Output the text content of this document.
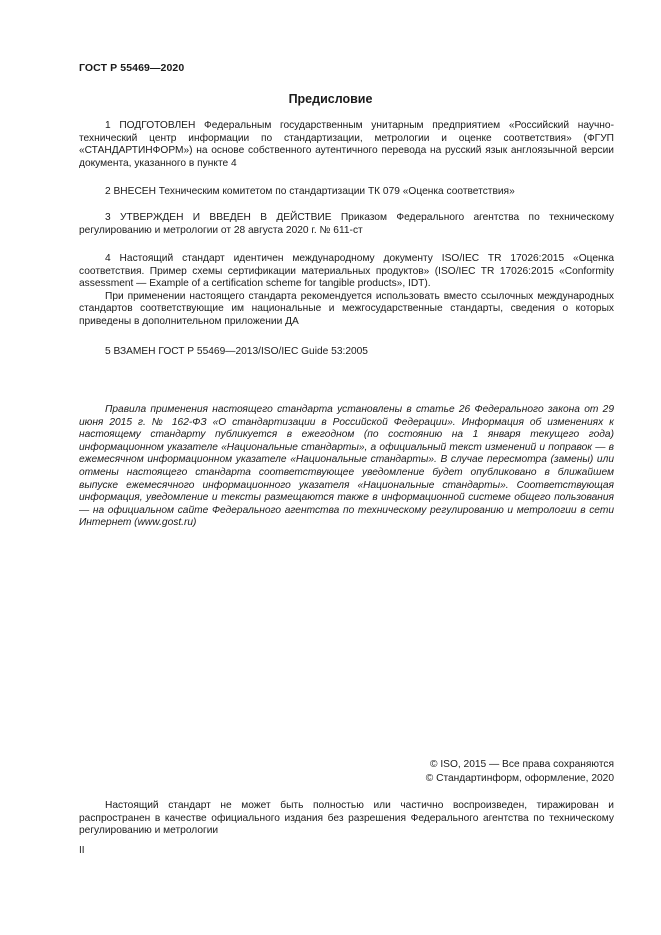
ГОСТ Р 55469—2020
Предисловие

1 ПОДГОТОВЛЕН Федеральным государственным унитарным предприятием «Российский научно-технический центр информации по стандартизации, метрологии и оценке соответствия» (ФГУП «СТАНДАРТИНФОРМ») на основе собственного аутентичного перевода на русский язык англоязычной версии документа, указанного в пункте 4

2 ВНЕСЕН Техническим комитетом по стандартизации ТК 079 «Оценка соответствия»

3 УТВЕРЖДЕН И ВВЕДЕН В ДЕЙСТВИЕ Приказом Федерального агентства по техническому регулированию и метрологии от 28 августа 2020 г. № 611-ст

4 Настоящий стандарт идентичен международному документу ISO/IEC TR 17026:2015 «Оценка соответствия. Пример схемы сертификации материальных продуктов» (ISO/IEC TR 17026:2015 «Conformity assessment — Example of a certification scheme for tangible products», IDT).

При применении настоящего стандарта рекомендуется использовать вместо ссылочных международных стандартов соответствующие им национальные и межгосударственные стандарты, сведения о которых приведены в дополнительном приложении ДА

5 ВЗАМЕН ГОСТ Р 55469—2013/ISO/IEC Guide 53:2005

Правила применения настоящего стандарта установлены в статье 26 Федерального закона от 29 июня 2015 г. № 162-ФЗ «О стандартизации в Российской Федерации». Информация об изменениях к настоящему стандарту публикуется в ежегодном (по состоянию на 1 января текущего года) информационном указателе «Национальные стандарты», а официальный текст изменений и поправок — в ежемесячном информационном указателе «Национальные стандарты». В случае пересмотра (замены) или отмены настоящего стандарта соответствующее уведомление будет опубликовано в ближайшем выпуске ежемесячного информационного указателя «Национальные стандарты». Соответствующая информация, уведомление и тексты размещаются также в информационной системе общего пользования — на официальном сайте Федерального агентства по техническому регулированию и метрологии в сети Интернет (www.gost.ru)

© ISO, 2015 — Все права сохраняются
© Стандартинформ, оформление, 2020

Настоящий стандарт не может быть полностью или частично воспроизведен, тиражирован и распространен в качестве официального издания без разрешения Федерального агентства по техническому регулированию и метрологии

II
